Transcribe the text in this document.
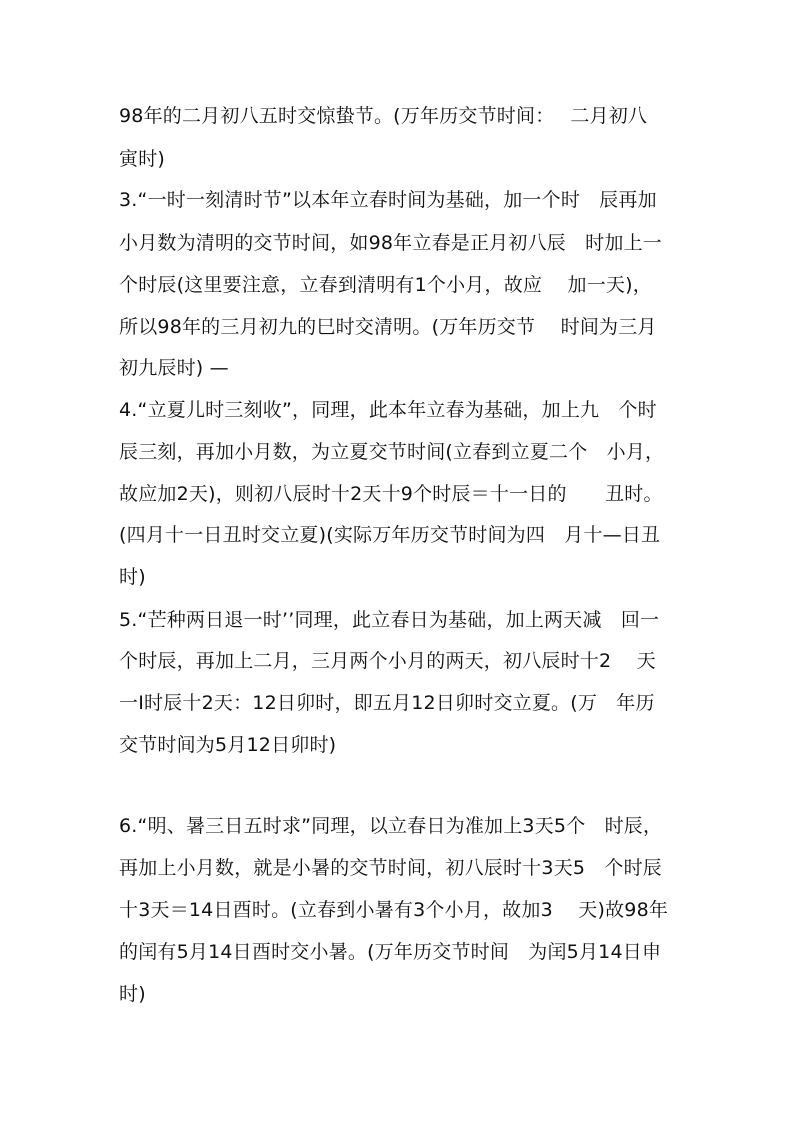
98年的二月初八五时交惊蛰节。(万年历交节时间：　 二月初八
寅时)
3.“一时一刻清时节”以本年立春时间为基础，加一个时　辰再加
小月数为清明的交节时间，如98年立春是正月初八辰　时加上一
个时辰(这里要注意，立春到清明有1个小月，故应　 加一天)，
所以98年的三月初九的巳时交清明。(万年历交节　 时间为三月
初九辰时) —
4.“立夏儿时三刻收”，同理，此本年立春为基础，加上九　个时
辰三刻，再加小月数，为立夏交节时间(立春到立夏二个　小月，
故应加2天)，则初八辰时十2天十9个时辰＝十一日的　　丑时。
(四月十一日丑时交立夏)(实际万年历交节时间为四　月十—日丑
时)
5.“芒种两日退一时’’同理，此立春日为基础，加上两天减　回一
个时辰，再加上二月，三月两个小月的两天，初八辰时十2　 天
一Ⅰ时辰十2天：12日卯时，即五月12日卯时交立夏。(万　年历
交节时间为5月12日卯时)
6.“明、暑三日五时求”同理，以立春日为准加上3天5个　时辰，
再加上小月数，就是小暑的交节时间，初八辰时十3天5　个时辰
十3天＝14日酉时。(立春到小暑有3个小月，故加3　 天)故98年
的闰有5月14日酉时交小暑。(万年历交节时间　为闰5月14日申
时)
